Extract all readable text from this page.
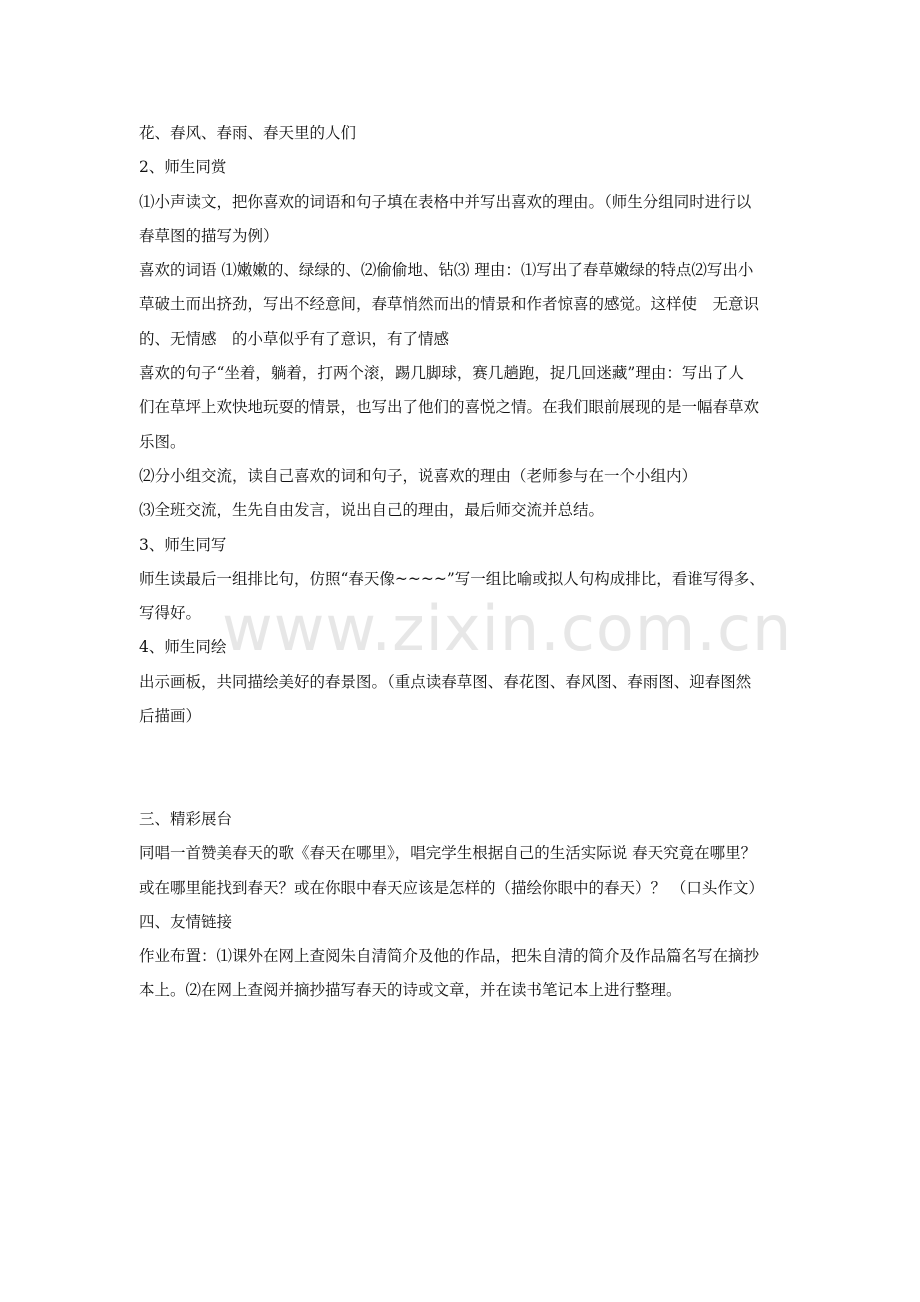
www.zixin.com.cn
花、春风、春雨、春天里的人们
2、师生同赏
⑴小声读文，把你喜欢的词语和句子填在表格中并写出喜欢的理由。（师生分组同时进行以
春草图的描写为例）
喜欢的词语 ⑴嫩嫩的、绿绿的、⑵偷偷地、钻⑶ 理由：⑴写出了春草嫩绿的特点⑵写出小
草破土而出挤劲，写出不经意间，春草悄然而出的情景和作者惊喜的感觉。这样使　无意识
的、无情感　的小草似乎有了意识，有了情感
喜欢的句子“坐着，躺着，打两个滚，踢几脚球，赛几趟跑，捉几回迷藏”理由：写出了人
们在草坪上欢快地玩耍的情景，也写出了他们的喜悦之情。在我们眼前展现的是一幅春草欢
乐图。
⑵分小组交流，读自己喜欢的词和句子，说喜欢的理由（老师参与在一个小组内）
⑶全班交流，生先自由发言，说出自己的理由，最后师交流并总结。
3、师生同写
师生读最后一组排比句，仿照“春天像~~~~”写一组比喻或拟人句构成排比，看谁写得多、
写得好。
4、师生同绘
出示画板，共同描绘美好的春景图。（重点读春草图、春花图、春风图、春雨图、迎春图然
后描画）
三、精彩展台
同唱一首赞美春天的歌《春天在哪里》，唱完学生根据自己的生活实际说 春天究竟在哪里？
或在哪里能找到春天？或在你眼中春天应该是怎样的（描绘你眼中的春天）？ （口头作文）
四、友情链接
作业布置：⑴课外在网上查阅朱自清简介及他的作品，把朱自清的简介及作品篇名写在摘抄
本上。⑵在网上查阅并摘抄描写春天的诗或文章，并在读书笔记本上进行整理。
